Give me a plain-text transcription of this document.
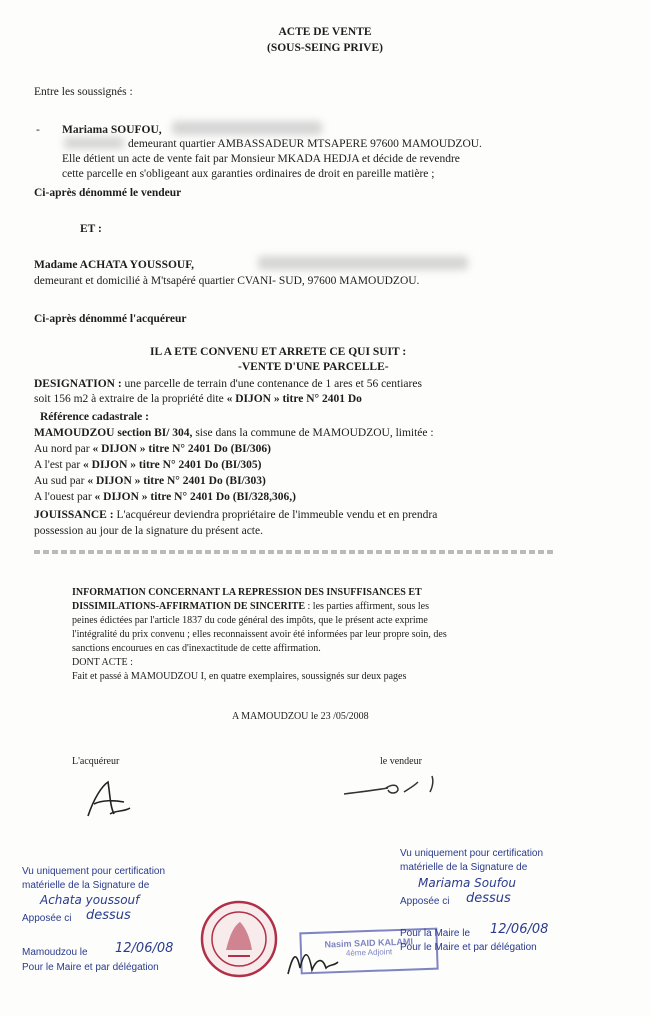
ACTE DE VENTE
(SOUS-SEING PRIVE)
Entre les soussignés :
- Mariama SOUFOU,
demeurant quartier AMBASSADEUR MTSAPERE 97600 MAMOUDZOU.
Elle détient un acte de vente fait par Monsieur MKADA HEDJA et décide de revendre
cette parcelle en s'obligeant aux garanties ordinaires de droit en pareille matière ;
Ci-après dénommé le vendeur
ET :
Madame ACHATA YOUSSOUF,
demeurant et domicilié à M'tsapéré quartier CVANI- SUD, 97600 MAMOUDZOU.
Ci-après dénommé l'acquéreur
IL A ETE CONVENU ET ARRETE CE QUI SUIT :
-VENTE D'UNE PARCELLE-
DESIGNATION : une parcelle de terrain d'une contenance de 1 ares et 56 centiares
soit 156 m2 à extraire de la propriété dite « DIJON » titre N° 2401 Do
Référence cadastrale :
MAMOUDZOU section BI/ 304, sise dans la commune de MAMOUDZOU, limitée :
Au nord par « DIJON » titre N° 2401 Do (BI/306)
A l'est par « DIJON » titre N° 2401 Do (BI/305)
Au sud par « DIJON » titre N° 2401 Do (BI/303)
A l'ouest par « DIJON » titre N° 2401 Do (BI/328,306,)
JOUISSANCE : L'acquéreur deviendra propriétaire de l'immeuble vendu et en prendra
possession au jour de la signature du présent acte.
INFORMATION CONCERNANT LA REPRESSION DES INSUFFISANCES ET
DISSIMILATIONS-AFFIRMATION DE SINCERITE : les parties affirment, sous les
peines édictées par l'article 1837 du code général des impôts, que le présent acte exprime
l'intégralité du prix convenu ; elles reconnaissent avoir été informées par leur propre soin, des
sanctions encourues en cas d'inexactitude de cette affirmation.
DONT ACTE :
Fait et passé à MAMOUDZOU I, en quatre exemplaires, soussignés sur deux pages
A MAMOUDZOU le 23 /05/2008
L'acquéreur	le vendeur
Vu uniquement pour certification
matérielle de la Signature de
Achata youssouf
Apposée ci dessus
Mamoudzou le 12/06/08
Pour le Maire et par délégation
Nasim SAID KALAMI
4ème Adjoint
Vu uniquement pour certification
matérielle de la Signature de
Mariama Soufou
Apposée ci dessus
Pour la Maire le 12/06/08
Pour le Maire et par délégation
